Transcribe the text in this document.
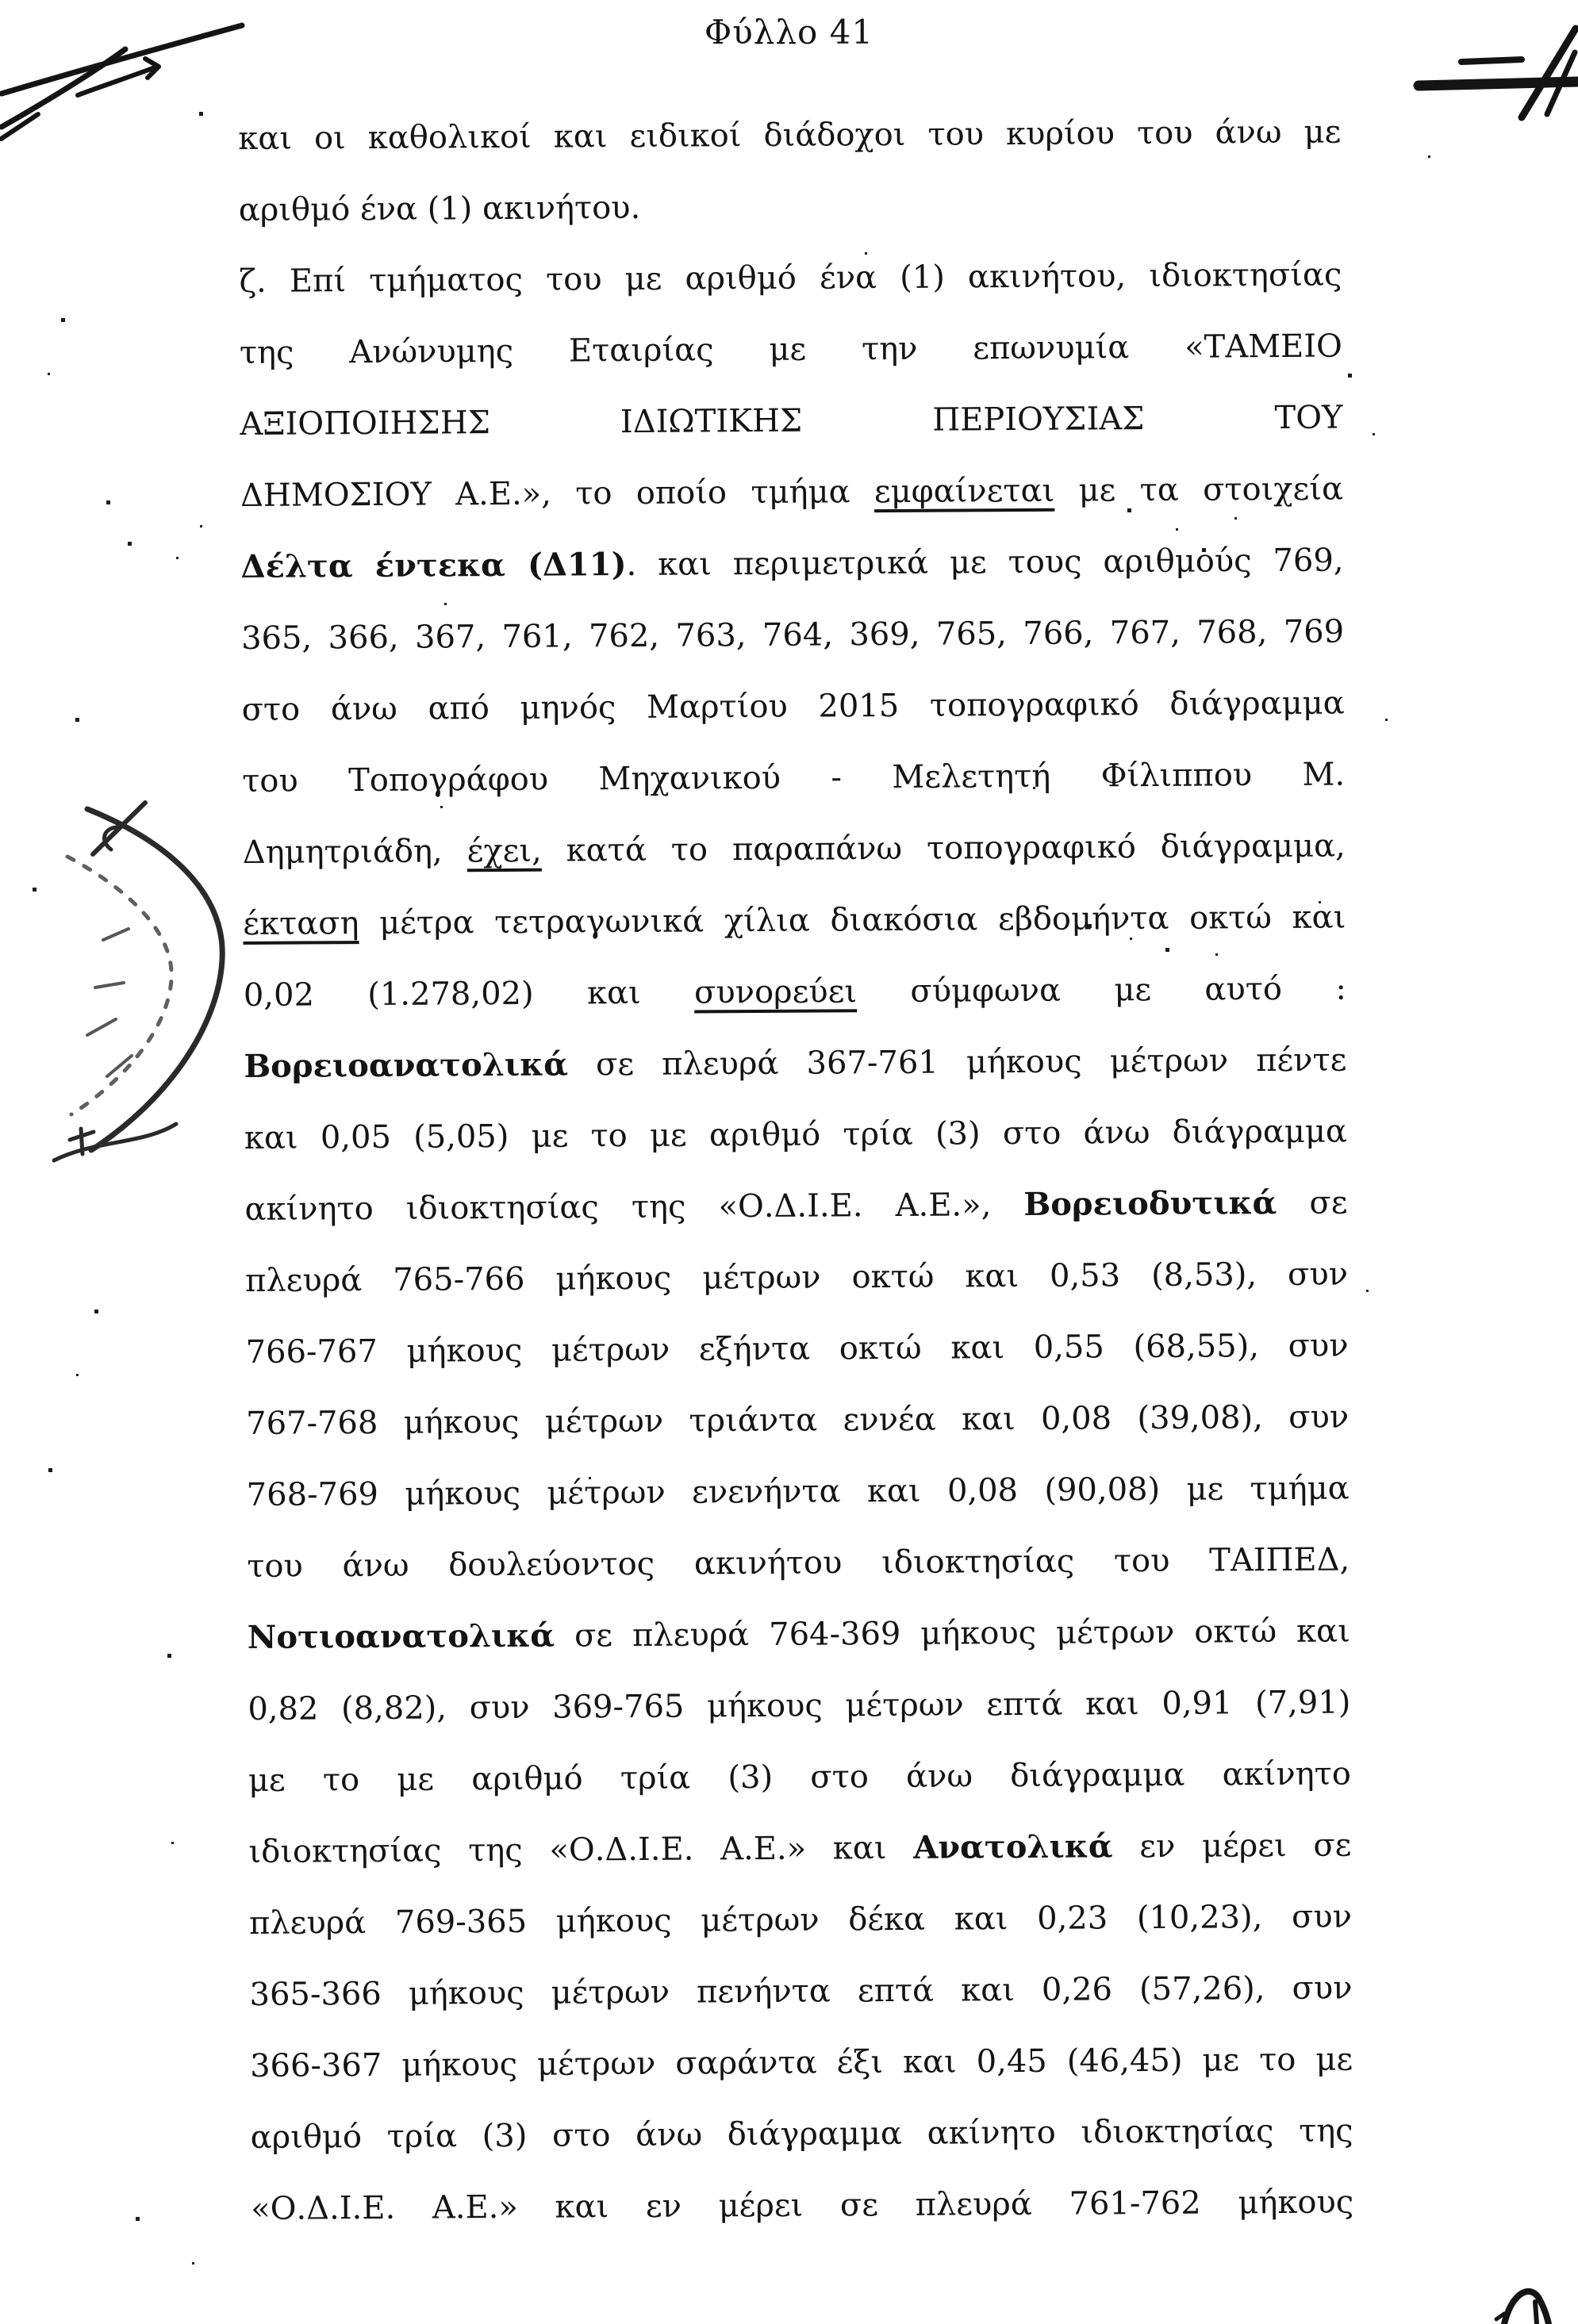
Φύλλο 41
και οι καθολικοί και ειδικοί διάδοχοι του κυρίου του άνω με
αριθμό ένα (1) ακινήτου.
ζ. Επί τμήματος του με αριθμό ένα (1) ακινήτου, ιδιοκτησίας
της Ανώνυμης Εταιρίας με την επωνυμία «ΤΑΜΕΙΟ
ΑΞΙΟΠΟΙΗΣΗΣ ΙΔΙΩΤΙΚΗΣ ΠΕΡΙΟΥΣΙΑΣ ΤΟΥ
ΔΗΜΟΣΙΟΥ Α.Ε.», το οποίο τμήμα εμφαίνεται με τα στοιχεία
Δέλτα έντεκα (Δ11). και περιμετρικά με τους αριθμούς 769,
365, 366, 367, 761, 762, 763, 764, 369, 765, 766, 767, 768, 769
στο άνω από μηνός Μαρτίου 2015 τοπογραφικό διάγραμμα
του Τοπογράφου Μηχανικού - Μελετητή Φίλιππου Μ.
Δημητριάδη, έχει, κατά το παραπάνω τοπογραφικό διάγραμμα,
έκταση μέτρα τετραγωνικά χίλια διακόσια εβδομήντα οκτώ και
0,02 (1.278,02) και συνορεύει σύμφωνα με αυτό :
Βορειοανατολικά σε πλευρά 367-761 μήκους μέτρων πέντε
και 0,05 (5,05) με το με αριθμό τρία (3) στο άνω διάγραμμα
ακίνητο ιδιοκτησίας της «Ο.Δ.Ι.Ε. Α.Ε.», Βορειοδυτικά σε
πλευρά 765-766 μήκους μέτρων οκτώ και 0,53 (8,53), συν
766-767 μήκους μέτρων εξήντα οκτώ και 0,55 (68,55), συν
767-768 μήκους μέτρων τριάντα εννέα και 0,08 (39,08), συν
768-769 μήκους μέτρων ενενήντα και 0,08 (90,08) με τμήμα
του άνω δουλεύοντος ακινήτου ιδιοκτησίας του ΤΑΙΠΕΔ,
Νοτιοανατολικά σε πλευρά 764-369 μήκους μέτρων οκτώ και
0,82 (8,82), συν 369-765 μήκους μέτρων επτά και 0,91 (7,91)
με το με αριθμό τρία (3) στο άνω διάγραμμα ακίνητο
ιδιοκτησίας της «Ο.Δ.Ι.Ε. Α.Ε.» και Ανατολικά εν μέρει σε
πλευρά 769-365 μήκους μέτρων δέκα και 0,23 (10,23), συν
365-366 μήκους μέτρων πενήντα επτά και 0,26 (57,26), συν
366-367 μήκους μέτρων σαράντα έξι και 0,45 (46,45) με το με
αριθμό τρία (3) στο άνω διάγραμμα ακίνητο ιδιοκτησίας της
«Ο.Δ.Ι.Ε. Α.Ε.» και εν μέρει σε πλευρά 761-762 μήκους
